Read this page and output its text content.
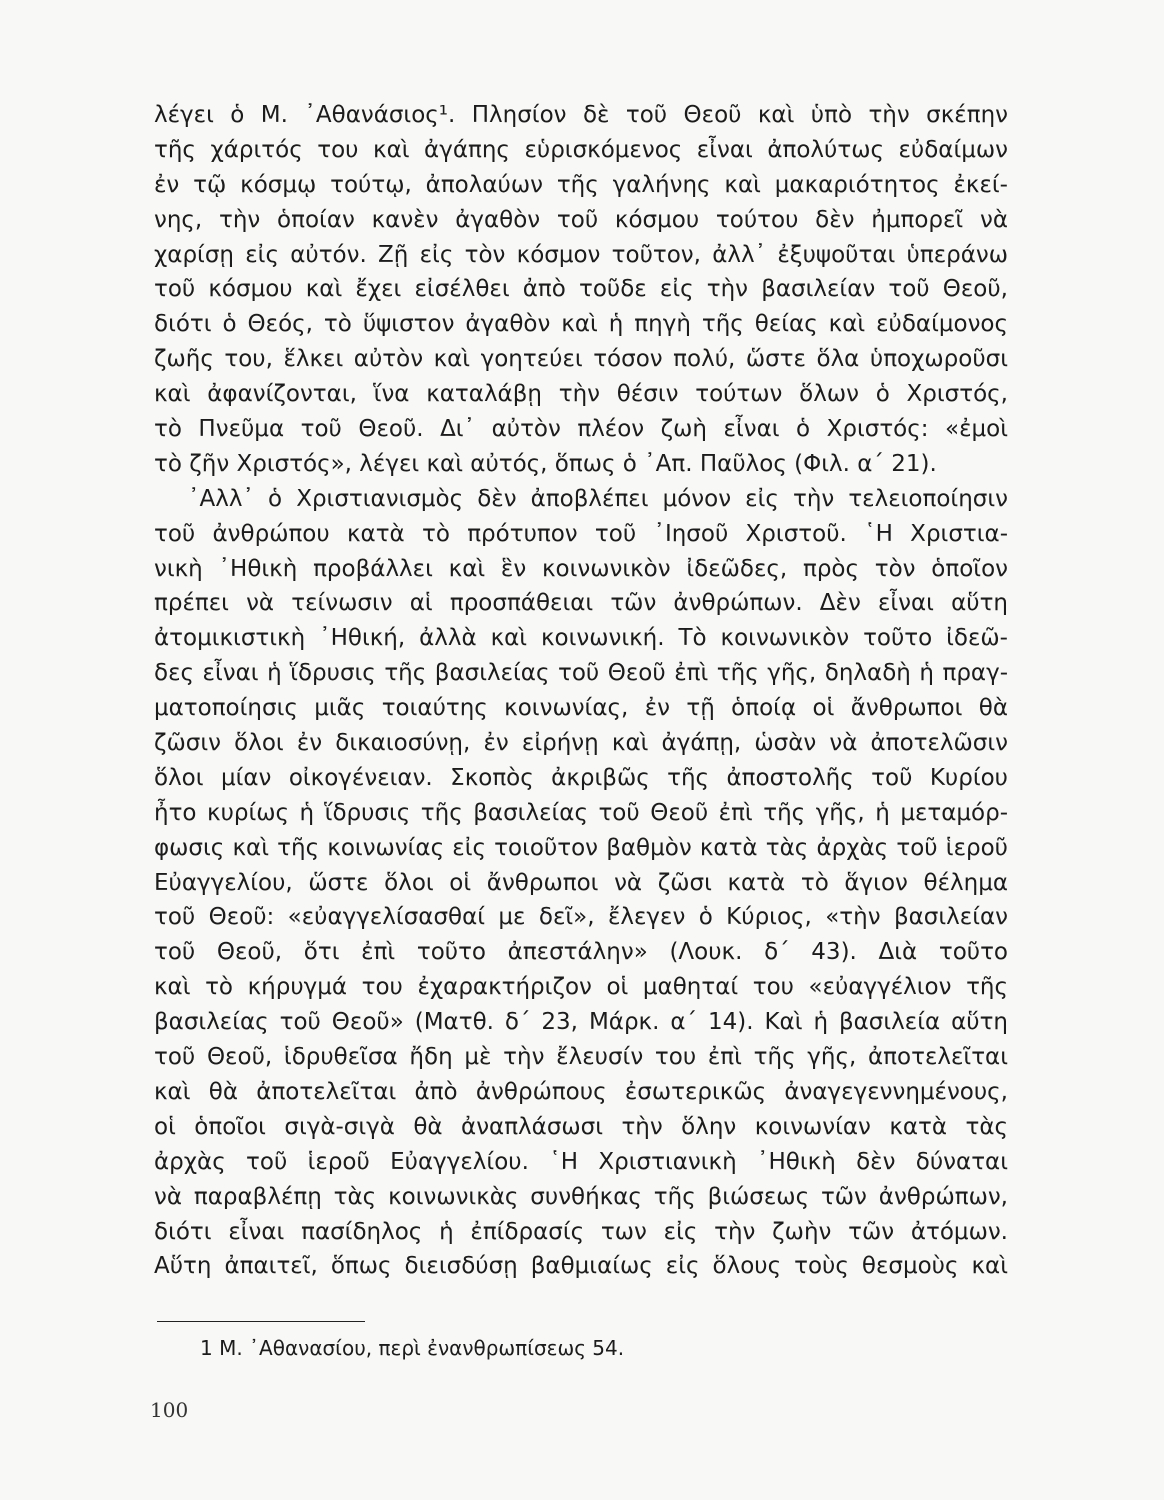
λέγει ὁ Μ. ᾿Αθανάσιος¹. Πλησίον δὲ τοῦ Θεοῦ καὶ ὑπὸ τὴν σκέπην
τῆς χάριτός του καὶ ἀγάπης εὑρισκόμενος εἶναι ἀπολύτως εὐδαίμων
ἐν τῷ κόσμῳ τούτῳ, ἀπολαύων τῆς γαλήνης καὶ μακαριότητος ἐκεί-
νης, τὴν ὁποίαν κανὲν ἀγαθὸν τοῦ κόσμου τούτου δὲν ἠμπορεῖ νὰ
χαρίσῃ εἰς αὐτόν. Ζῇ εἰς τὸν κόσμον τοῦτον, ἀλλ᾿ ἐξυψοῦται ὑπεράνω
τοῦ κόσμου καὶ ἔχει εἰσέλθει ἀπὸ τοῦδε εἰς τὴν βασιλείαν τοῦ Θεοῦ,
διότι ὁ Θεός, τὸ ὕψιστον ἀγαθὸν καὶ ἡ πηγὴ τῆς θείας καὶ εὐδαίμονος
ζωῆς του, ἕλκει αὐτὸν καὶ γοητεύει τόσον πολύ, ὥστε ὅλα ὑποχωροῦσι
καὶ ἀφανίζονται, ἵνα καταλάβῃ τὴν θέσιν τούτων ὅλων ὁ Χριστός,
τὸ Πνεῦμα τοῦ Θεοῦ. Δι᾿ αὐτὸν πλέον ζωὴ εἶναι ὁ Χριστός: «ἐμοὶ
τὸ ζῆν Χριστός», λέγει καὶ αὐτός, ὅπως ὁ ᾿Απ. Παῦλος (Φιλ. α΄ 21).
᾿Αλλ᾿ ὁ Χριστιανισμὸς δὲν ἀποβλέπει μόνον εἰς τὴν τελειοποίησιν
τοῦ ἀνθρώπου κατὰ τὸ πρότυπον τοῦ ᾿Ιησοῦ Χριστοῦ. ῾Η Χριστια-
νικὴ ᾿Ηθικὴ προβάλλει καὶ ἓν κοινωνικὸν ἰδεῶδες, πρὸς τὸν ὁποῖον
πρέπει νὰ τείνωσιν αἱ προσπάθειαι τῶν ἀνθρώπων. Δὲν εἶναι αὕτη
ἀτομικιστικὴ ᾿Ηθική, ἀλλὰ καὶ κοινωνική. Τὸ κοινωνικὸν τοῦτο ἰδεῶ-
δες εἶναι ἡ ἵδρυσις τῆς βασιλείας τοῦ Θεοῦ ἐπὶ τῆς γῆς, δηλαδὴ ἡ πραγ-
ματοποίησις μιᾶς τοιαύτης κοινωνίας, ἐν τῇ ὁποίᾳ οἱ ἄνθρωποι θὰ
ζῶσιν ὅλοι ἐν δικαιοσύνῃ, ἐν εἰρήνῃ καὶ ἀγάπῃ, ὡσὰν νὰ ἀποτελῶσιν
ὅλοι μίαν οἰκογένειαν. Σκοπὸς ἀκριβῶς τῆς ἀποστολῆς τοῦ Κυρίου
ἦτο κυρίως ἡ ἵδρυσις τῆς βασιλείας τοῦ Θεοῦ ἐπὶ τῆς γῆς, ἡ μεταμόρ-
φωσις καὶ τῆς κοινωνίας εἰς τοιοῦτον βαθμὸν κατὰ τὰς ἀρχὰς τοῦ ἱεροῦ
Εὐαγγελίου, ὥστε ὅλοι οἱ ἄνθρωποι νὰ ζῶσι κατὰ τὸ ἅγιον θέλημα
τοῦ Θεοῦ: «εὐαγγελίσασθαί με δεῖ», ἔλεγεν ὁ Κύριος, «τὴν βασιλείαν
τοῦ Θεοῦ, ὅτι ἐπὶ τοῦτο ἀπεστάλην» (Λουκ. δ΄ 43). Διὰ τοῦτο
καὶ τὸ κήρυγμά του ἐχαρακτήριζον οἱ μαθηταί του «εὐαγγέλιον τῆς
βασιλείας τοῦ Θεοῦ» (Ματθ. δ΄ 23, Μάρκ. α΄ 14). Καὶ ἡ βασιλεία αὕτη
τοῦ Θεοῦ, ἱδρυθεῖσα ἤδη μὲ τὴν ἔλευσίν του ἐπὶ τῆς γῆς, ἀποτελεῖται
καὶ θὰ ἀποτελεῖται ἀπὸ ἀνθρώπους ἐσωτερικῶς ἀναγεγεννημένους,
οἱ ὁποῖοι σιγὰ-σιγὰ θὰ ἀναπλάσωσι τὴν ὅλην κοινωνίαν κατὰ τὰς
ἀρχὰς τοῦ ἱεροῦ Εὐαγγελίου. ῾Η Χριστιανικὴ ᾿Ηθικὴ δὲν δύναται
νὰ παραβλέπῃ τὰς κοινωνικὰς συνθήκας τῆς βιώσεως τῶν ἀνθρώπων,
διότι εἶναι πασίδηλος ἡ ἐπίδρασίς των εἰς τὴν ζωὴν τῶν ἀτόμων.
Αὕτη ἀπαιτεῖ, ὅπως διεισδύσῃ βαθμιαίως εἰς ὅλους τοὺς θεσμοὺς καὶ
1 Μ. ᾿Αθανασίου, περὶ ἐνανθρωπίσεως 54.
100
